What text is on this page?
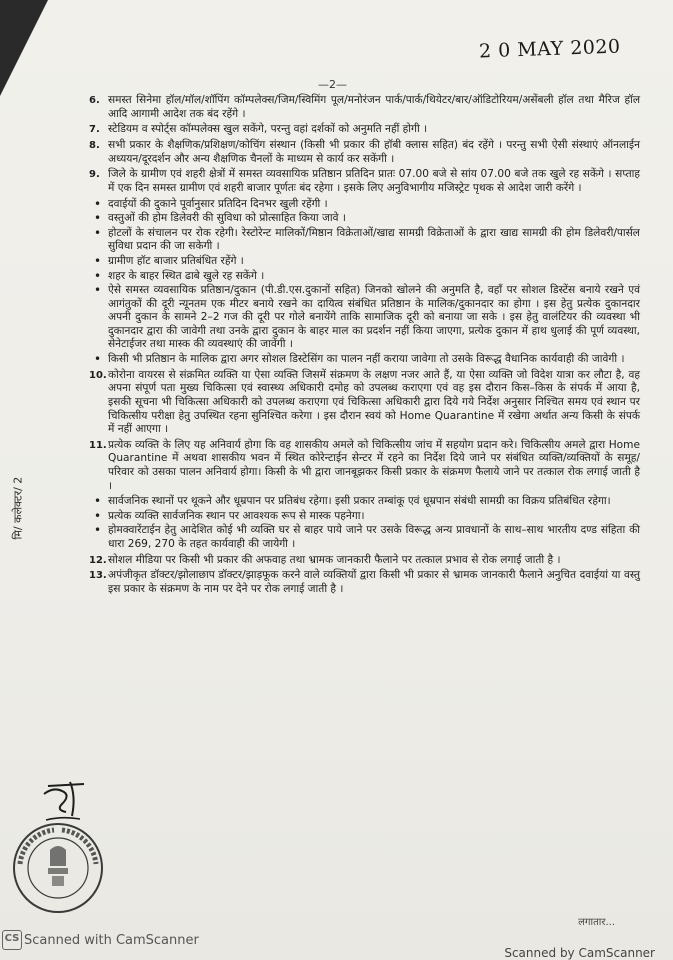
2 0 MAY 2020
—2—
6. समस्त सिनेमा हॉल/मॉल/शॉपिंग कॉम्पलेक्स/जिम/स्विमिंग पूल/मनोरंजन पार्क/पार्क/थियेटर/बार/ऑडिटोरियम/असेंबली हॉल तथा मैरिज हॉल आदि आगामी आदेश तक बंद रहेंगे ।
7. स्टेडियम व स्पोर्ट्स कॉम्पलेक्स खुल सकेंगे, परन्तु वहां दर्शकों को अनुमति नहीं होगी ।
8. सभी प्रकार के शैक्षणिक/प्रशिक्षण/कोचिंग संस्थान (किसी भी प्रकार की हॉबी क्लास सहित) बंद रहेंगे । परन्तु सभी ऐसी संस्थाएं ऑनलाईन अध्ययन/दूरदर्शन और अन्य शैक्षणिक चैनलों के माध्यम से कार्य कर सकेंगी ।
9. जिले के ग्रामीण एवं शहरी क्षेत्रों में समस्त व्यवसायिक प्रतिष्ठान प्रतिदिन प्रातः 07.00 बजे से सांय 07.00 बजे तक खुले रह सकेंगे । सप्ताह में एक दिन समस्त ग्रामीण एवं शहरी बाजार पूर्णतः बंद रहेगा । इसके लिए अनुविभागीय मजिस्ट्रेट पृथक से आदेश जारी करेंगे ।
• दवाईयों की दुकाने पूर्वानुसार प्रतिदिन दिनभर खुली रहेंगी ।
• वस्तुओं की होम डिलेवरी की सुविधा को प्रोत्साहित किया जावे ।
• होटलों के संचालन पर रोक रहेगी। रेस्टोरेन्ट मालिकों/मिष्ठान विक्रेताओं/खाद्य सामग्री विक्रेताओं के द्वारा खाद्य सामग्री की होम डिलेवरी/पार्सल सुविधा प्रदान की जा सकेगी ।
• ग्रामीण हॉट बाजार प्रतिबंधित रहेंगे ।
• शहर के बाहर स्थित ढाबे खुले रह सकेंगे ।
• ऐसे समस्त व्यवसायिक प्रतिष्ठान/दुकान (पी.डी.एस.दुकानों सहित) जिनको खोलने की अनुमति है, वहाँ पर सोशल डिस्टेंस बनाये रखने एवं आगंतुकों की दूरी न्यूनतम एक मीटर बनाये रखने का दायित्व संबंधित प्रतिष्ठान के मालिक/दुकानदार का होगा । इस हेतु प्रत्येक दुकानदार अपनी दुकान के सामने 2–2 गज की दूरी पर गोले बनायेंगे ताकि सामाजिक दूरी को बनाया जा सके । इस हेतु वालंटियर की व्यवस्था भी दुकानदार द्वारा की जावेगी तथा उनके द्वारा दुकान के बाहर माल का प्रदर्शन नहीं किया जाएगा, प्रत्येक दुकान में हाथ धुलाई की पूर्ण व्यवस्था, सेनेटाईजर तथा मास्क की व्यवस्थाएं की जावेंगी ।
• किसी भी प्रतिष्ठान के मालिक द्वारा अगर सोशल डिस्टेसिंग का पालन नहीं कराया जावेगा तो उसके विरूद्ध वैधानिक कार्यवाही की जावेगी ।
10. कोरोना वायरस से संक्रमित व्यक्ति या ऐसा व्यक्ति जिसमें संक्रमण के लक्षण नजर आते हैं, या ऐसा व्यक्ति जो विदेश यात्रा कर लौटा है, वह अपना संपूर्ण पता मुख्य चिकित्सा एवं स्वास्थ्य अधिकारी दमोह को उपलब्ध कराएगा एवं वह इस दौरान किस–किस के संपर्क में आया है, इसकी सूचना भी चिकित्सा अधिकारी को उपलब्ध कराएगा एवं चिकित्सा अधिकारी द्वारा दिये गये निर्देश अनुसार निश्चित समय एवं स्थान पर चिकित्सीय परीक्षा हेतु उपस्थित रहना सुनिश्चित करेगा । इस दौरान स्वयं को Home Quarantine में रखेगा अर्थात अन्य किसी के संपर्क में नहीं आएगा ।
11. प्रत्येक व्यक्ति के लिए यह अनिवार्य होगा कि वह शासकीय अमले को चिकित्सीय जांच में सहयोग प्रदान करे। चिकित्सीय अमले द्वारा Home Quarantine में अथवा शासकीय भवन में स्थित कोरेन्टाईन सेन्टर में रहने का निर्देश दिये जाने पर संबंधित व्यक्ति/व्यक्तियों के समूह/परिवार को उसका पालन अनिवार्य होगा। किसी के भी द्वारा जानबूझकर किसी प्रकार के संक्रमण फैलाये जाने पर तत्काल रोक लगाई जाती है ।
• सार्वजनिक स्थानों पर थूकने और धूम्रपान पर प्रतिबंध रहेगा। इसी प्रकार तम्बांकू एवं धूम्रपान संबंधी सामग्री का विक्रय प्रतिबंधित रहेगा।
• प्रत्येक व्यक्ति सार्वजनिक स्थान पर आवश्यक रूप से मास्क पहनेगा।
• होमक्वारेंटाईन हेतु आदेशित कोई भी व्यक्ति घर से बाहर पाये जाने पर उसके विरूद्ध अन्य प्रावधानों के साथ–साथ भारतीय दण्ड संहिता की धारा 269, 270 के तहत कार्यवाही की जायेगी ।
12. सोशल मीडिया पर किसी भी प्रकार की अफवाह तथा भ्रामक जानकारी फैलाने पर तत्काल प्रभाव से रोक लगाई जाती है ।
13. अपंजीकृत डॉक्टर/झोलाछाप डॉक्टर/झाड़फूक करने वाले व्यक्तियों द्वारा किसी भी प्रकार से भ्रामक जानकारी फैलाने अनुचित दवाईयां या वस्तु इस प्रकार के संक्रमण के नाम पर देने पर रोक लगाई जाती है ।
मि/ कलेक्टर/ 2
लगातार...
CS Scanned with CamScanner
Scanned by CamScanner
